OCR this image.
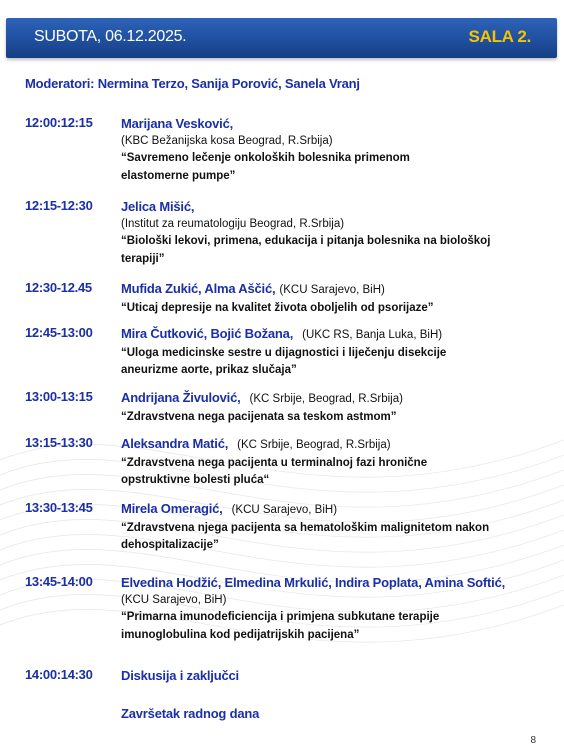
SUBOTA, 06.12.2025.	SALA 2.
Moderatori: Nermina Terzo, Sanija Porović, Sanela Vranj
12:00:12:15	Marijana Vesković,
(KBC Bežanijska kosa Beograd, R.Srbija)
“Savremeno lečenje onkoloških bolesnika primenom
elastomerne pumpe”
12:15-12:30	Jelica Mišić,
(Institut za reumatologiju Beograd, R.Srbija)
“Biološki lekovi, primena, edukacija i pitanja bolesnika na biološkoj
terapiji”
12:30-12.45	Mufida Zukić, Alma Aščić, (KCU Sarajevo, BiH)
“Uticaj depresije na kvalitet života oboljelih od psorijaze”
12:45-13:00	Mira Čutković, Bojić Božana, (UKC RS, Banja Luka, BiH)
“Uloga medicinske sestre u dijagnostici i liječenju disekcije
aneurizme aorte, prikaz slučaja”
13:00-13:15	Andrijana Živulović, (KC Srbije, Beograd, R.Srbija)
“Zdravstvena nega pacijenata sa teskom astmom”
13:15-13:30	Aleksandra Matić, (KC Srbije, Beograd, R.Srbija)
“Zdravstvena nega pacijenta u terminalnoj fazi hronične
opstruktivne bolesti pluća“
13:30-13:45	Mirela Omeragić, (KCU Sarajevo, BiH)
“Zdravstvena njega pacijenta sa hematološkim malignitetom nakon
dehospitalizacije”
13:45-14:00	Elvedina Hodžić, Elmedina Mrkulić, Indira Poplata, Amina Softić,
(KCU Sarajevo, BiH)
“Primarna imunodeficiencija i primjena subkutane terapije
imunoglobulina kod pedijatrijskih pacijena”
14:00:14:30	Diskusija i zaključci
Završetak radnog dana
8
